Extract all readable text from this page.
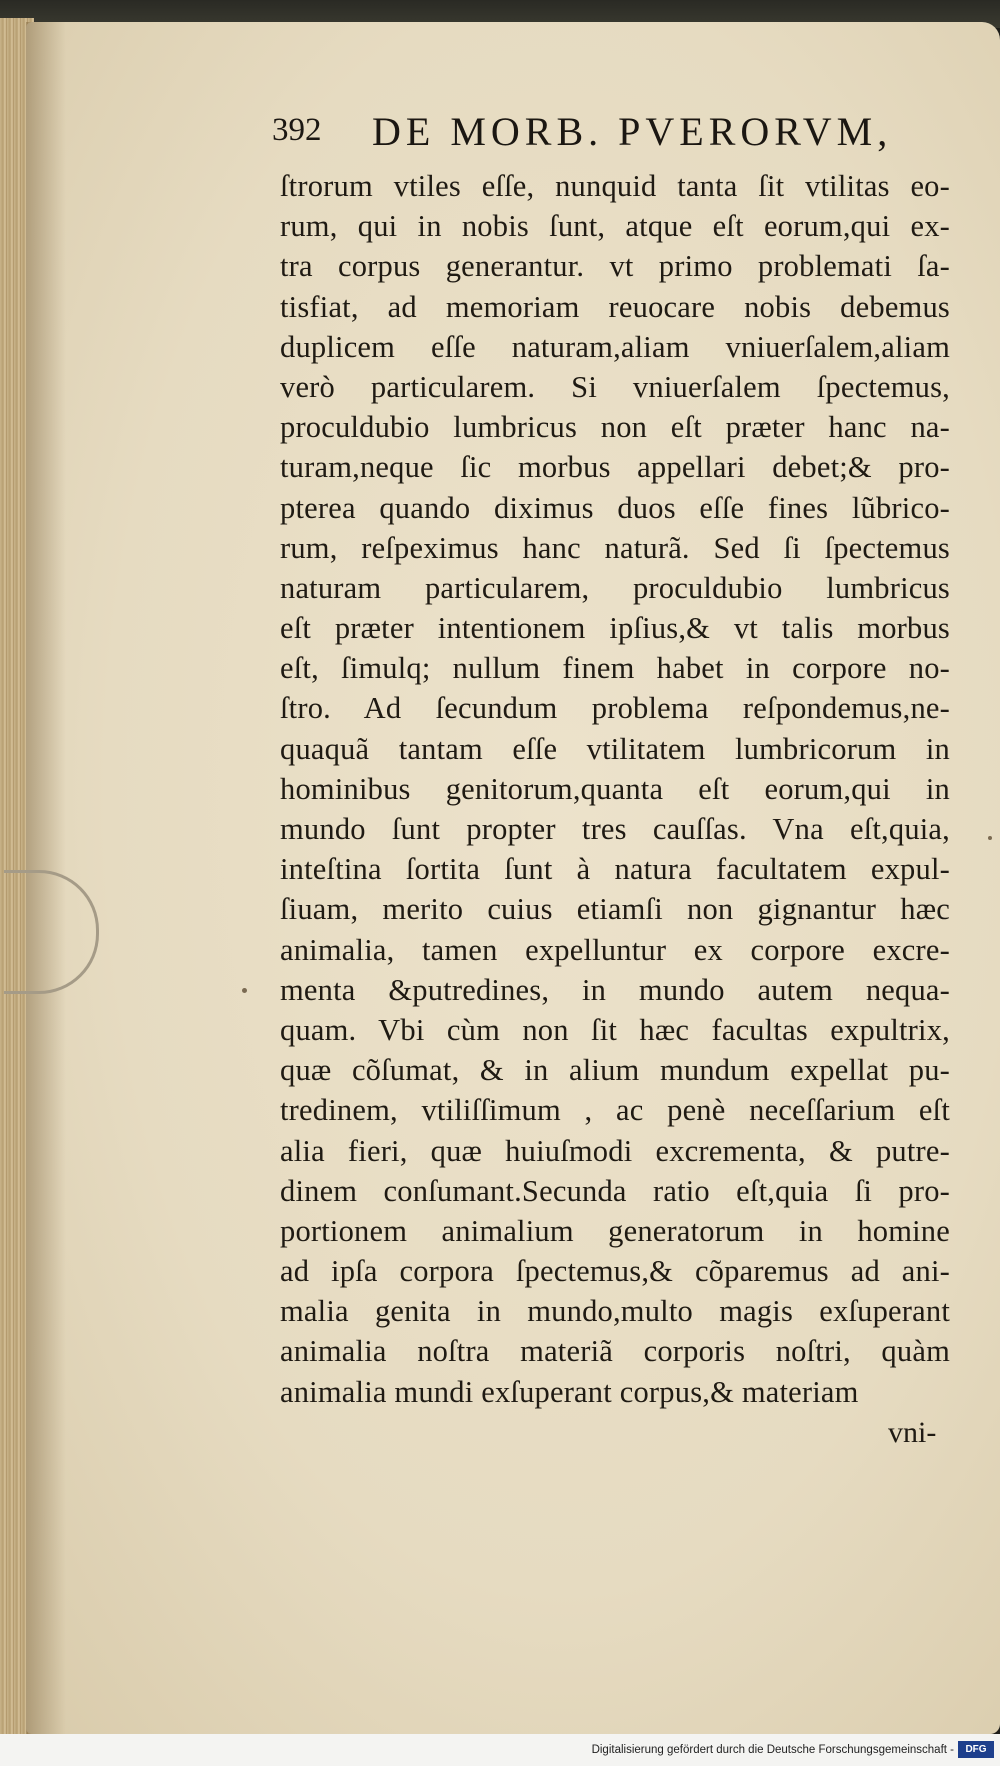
392 DE MORB. PVERORVM,
ſtrorum vtiles eſſe, nunquid tanta ſit vtilitas eo-
rum, qui in nobis ſunt, atque eſt eorum,qui ex-
tra corpus generantur. vt primo problemati ſa-
tisfiat, ad memoriam reuocare nobis debemus
duplicem eſſe naturam,aliam vniuerſalem,aliam
verò particularem. Si vniuerſalem ſpectemus,
proculdubio lumbricus non eſt præter hanc na-
turam,neque ſic morbus appellari debet;& pro-
pterea quando diximus duos eſſe fines lũbrico-
rum, reſpeximus hanc naturã. Sed ſi ſpectemus
naturam particularem, proculdubio lumbricus
eſt præter intentionem ipſius,& vt talis morbus
eſt, ſimulq; nullum finem habet in corpore no-
ſtro. Ad ſecundum problema reſpondemus,ne-
quaquã tantam eſſe vtilitatem lumbricorum in
hominibus genitorum,quanta eſt eorum,qui in
mundo ſunt propter tres cauſſas. Vna eſt,quia,
inteſtina ſortita ſunt à natura facultatem expul-
ſiuam, merito cuius etiamſi non gignantur hæc
animalia, tamen expelluntur ex corpore excre-
menta &putredines, in mundo autem nequa-
quam. Vbi cùm non ſit hæc facultas expultrix,
quæ cõſumat, & in alium mundum expellat pu-
tredinem, vtiliſſimum , ac penè neceſſarium eſt
alia fieri, quæ huiuſmodi excrementa, & putre-
dinem conſumant.Secunda ratio eſt,quia ſi pro-
portionem animalium generatorum in homine
ad ipſa corpora ſpectemus,& cõparemus ad ani-
malia genita in mundo,multo magis exſuperant
animalia noſtra materiã corporis noſtri, quàm
animalia mundi exſuperant corpus,& materiam
vni-
Digitalisierung gefördert durch die Deutsche Forschungsgemeinschaft -	DFG
